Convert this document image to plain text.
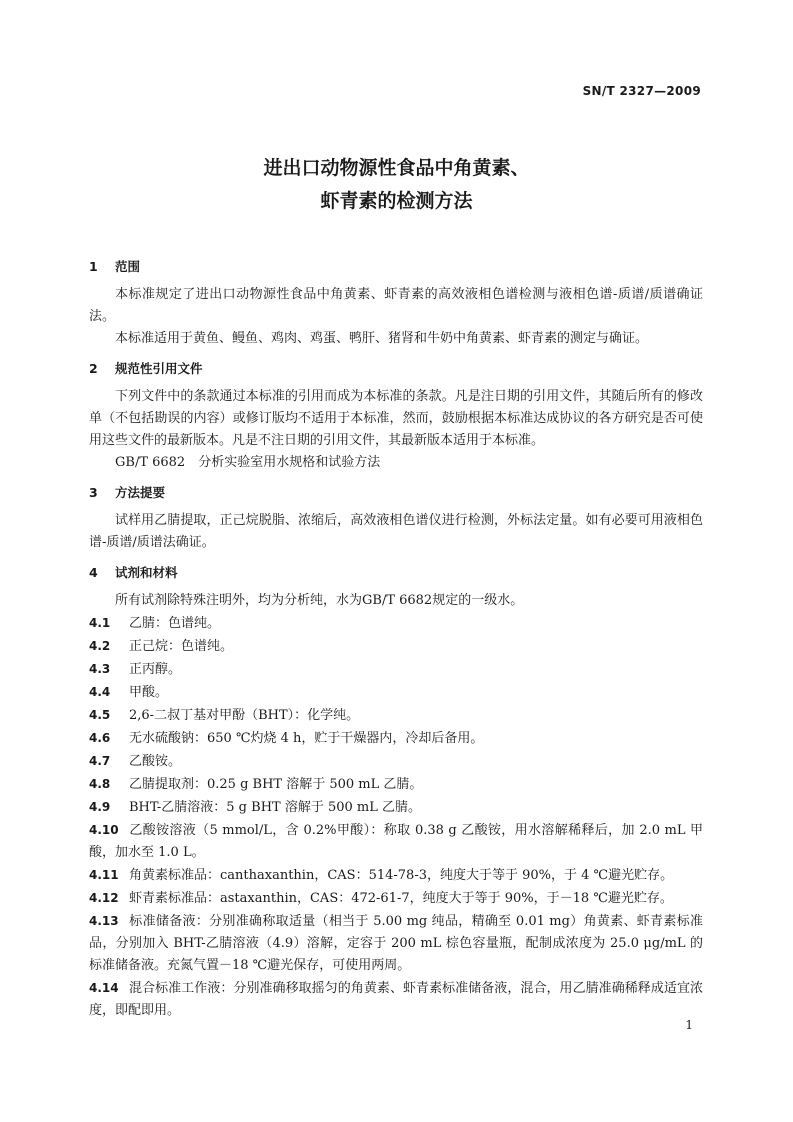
SN/T 2327—2009
进出口动物源性食品中角黄素、
虾青素的检测方法
1 范围

本标准规定了进出口动物源性食品中角黄素、虾青素的高效液相色谱检测与液相色谱-质谱/质谱确证法。

本标准适用于黄鱼、鳗鱼、鸡肉、鸡蛋、鸭肝、猪肾和牛奶中角黄素、虾青素的测定与确证。

2 规范性引用文件

下列文件中的条款通过本标准的引用而成为本标准的条款。凡是注日期的引用文件，其随后所有的修改单（不包括勘误的内容）或修订版均不适用于本标准，然而，鼓励根据本标准达成协议的各方研究是否可使用这些文件的最新版本。凡是不注日期的引用文件，其最新版本适用于本标准。

GB/T 6682　分析实验室用水规格和试验方法

3 方法提要

试样用乙腈提取，正己烷脱脂、浓缩后，高效液相色谱仪进行检测，外标法定量。如有必要可用液相色谱-质谱/质谱法确证。

4 试剂和材料

所有试剂除特殊注明外，均为分析纯，水为GB/T 6682规定的一级水。

4.1 乙腈：色谱纯。

4.2 正己烷：色谱纯。

4.3 正丙醇。

4.4 甲酸。

4.5 2,6-二叔丁基对甲酚（BHT）：化学纯。

4.6 无水硫酸钠：650 ℃灼烧 4 h，贮于干燥器内，冷却后备用。

4.7 乙酸铵。

4.8 乙腈提取剂：0.25 g BHT 溶解于 500 mL 乙腈。

4.9 BHT-乙腈溶液：5 g BHT 溶解于 500 mL 乙腈。

4.10 乙酸铵溶液（5 mmol/L，含 0.2%甲酸）：称取 0.38 g 乙酸铵，用水溶解稀释后，加 2.0 mL 甲酸，加水至 1.0 L。

4.11 角黄素标准品：canthaxanthin，CAS：514-78-3，纯度大于等于 90%，于 4 ℃避光贮存。

4.12 虾青素标准品：astaxanthin，CAS：472-61-7，纯度大于等于 90%，于－18 ℃避光贮存。

4.13 标准储备液：分别准确称取适量（相当于 5.00 mg 纯品，精确至 0.01 mg）角黄素、虾青素标准品，分别加入 BHT-乙腈溶液（4.9）溶解，定容于 200 mL 棕色容量瓶，配制成浓度为 25.0 μg/mL 的标准储备液。充氮气置－18 ℃避光保存，可使用两周。

4.14 混合标准工作液：分别准确移取摇匀的角黄素、虾青素标准储备液，混合，用乙腈准确稀释成适宜浓度，即配即用。

1
